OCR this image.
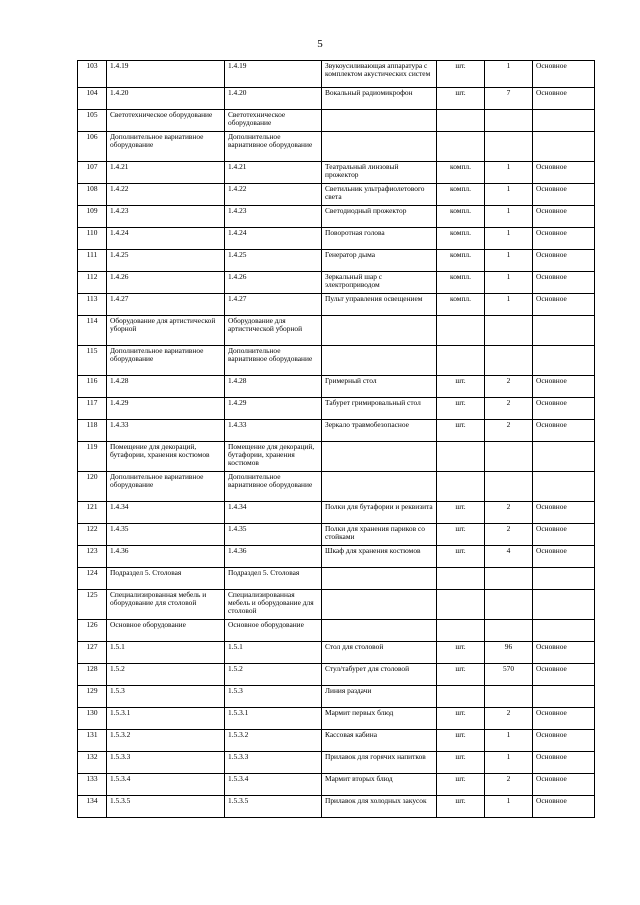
5
103	1.4.19	1.4.19	Звукоусиливающая аппаратура с комплектом акустических систем	шт.	1	Основное
104	1.4.20	1.4.20	Вокальный радиомикрофон	шт.	7	Основное
105	Светотехническое оборудование	Светотехническое оборудование				
106	Дополнительное вариативное оборудование	Дополнительное вариативное оборудование				
107	1.4.21	1.4.21	Театральный линзовый прожектор	компл.	1	Основное
108	1.4.22	1.4.22	Светильник ультрафиолетового света	компл.	1	Основное
109	1.4.23	1.4.23	Светодиодный прожектор	компл.	1	Основное
110	1.4.24	1.4.24	Поворотная голова	компл.	1	Основное
111	1.4.25	1.4.25	Генератор дыма	компл.	1	Основное
112	1.4.26	1.4.26	Зеркальный шар с электроприводом	компл.	1	Основное
113	1.4.27	1.4.27	Пульт управления освещением	компл.	1	Основное
114	Оборудование для артистической уборной	Оборудование для артистической уборной				
115	Дополнительное вариативное оборудование	Дополнительное вариативное оборудование				
116	1.4.28	1.4.28	Гримерный стол	шт.	2	Основное
117	1.4.29	1.4.29	Табурет гримировальный стол	шт.	2	Основное
118	1.4.33	1.4.33	Зеркало травмобезопасное	шт.	2	Основное
119	Помещение для декораций, бутафории, хранения костюмов	Помещение для декораций, бутафории, хранения костюмов				
120	Дополнительное вариативное оборудование	Дополнительное вариативное оборудование				
121	1.4.34	1.4.34	Полки для бутафории и реквизита	шт.	2	Основное
122	1.4.35	1.4.35	Полки для хранения париков со стойками	шт.	2	Основное
123	1.4.36	1.4.36	Шкаф для хранения костюмов	шт.	4	Основное
124	Подраздел 5. Столовая	Подраздел 5. Столовая				
125	Специализированная мебель и оборудование для столовой	Специализированная мебель и оборудование для столовой				
126	Основное оборудование	Основное оборудование				
127	1.5.1	1.5.1	Стол для столовой	шт.	96	Основное
128	1.5.2	1.5.2	Стул/табурет для столовой	шт.	570	Основное
129	1.5.3	1.5.3	Линия раздачи			
130	1.5.3.1	1.5.3.1	Мармит первых блюд	шт.	2	Основное
131	1.5.3.2	1.5.3.2	Кассовая кабина	шт.	1	Основное
132	1.5.3.3	1.5.3.3	Прилавок для горячих напитков	шт.	1	Основное
133	1.5.3.4	1.5.3.4	Мармит вторых блюд	шт.	2	Основное
134	1.5.3.5	1.5.3.5	Прилавок для холодных закусок	шт.	1	Основное
